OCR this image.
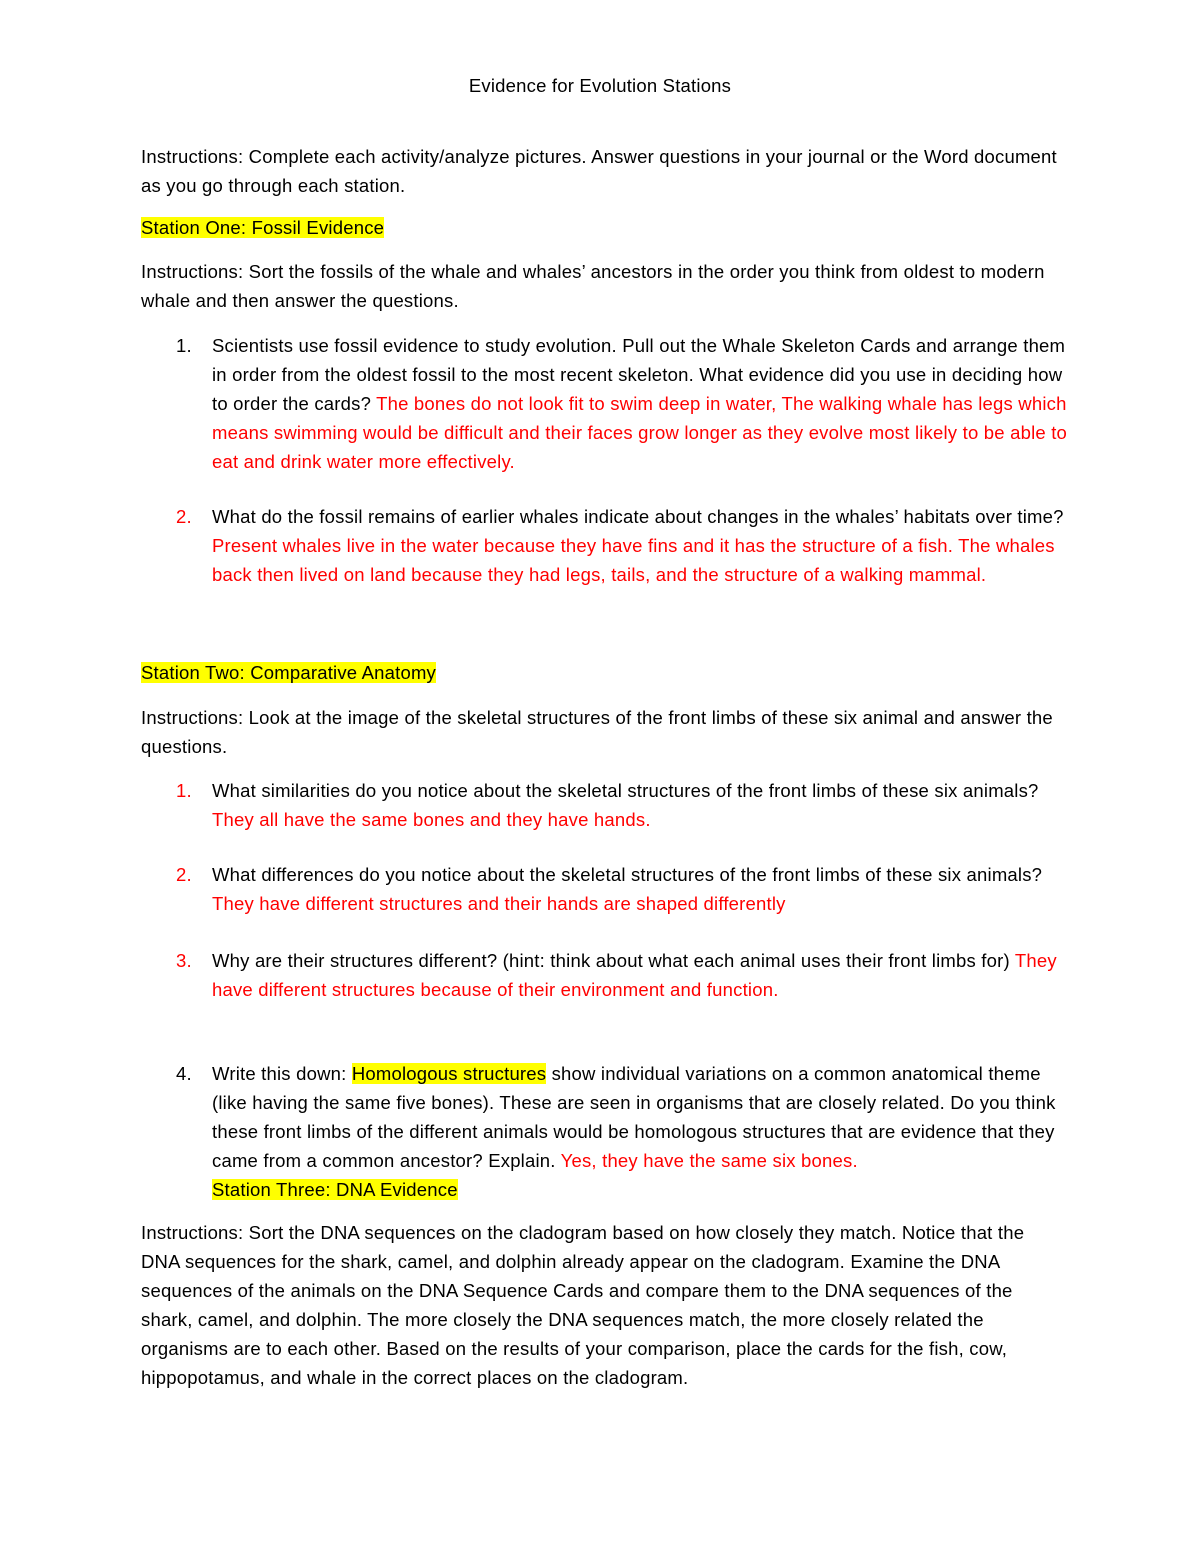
Evidence for Evolution Stations
Instructions: Complete each activity/analyze pictures. Answer questions in your journal or the Word document as you go through each station.
Station One: Fossil Evidence
Instructions: Sort the fossils of the whale and whales’ ancestors in the order you think from oldest to modern whale and then answer the questions.
1.	Scientists use fossil evidence to study evolution. Pull out the Whale Skeleton Cards and arrange them in order from the oldest fossil to the most recent skeleton. What evidence did you use in deciding how to order the cards? The bones do not look fit to swim deep in water, The walking whale has legs which means swimming would be difficult and their faces grow longer as they evolve most likely to be able to eat and drink water more effectively.
2.	What do the fossil remains of earlier whales indicate about changes in the whales’ habitats over time? Present whales live in the water because they have fins and it has the structure of a fish. The whales back then lived on land because they had legs, tails, and the structure of a walking mammal.
Station Two: Comparative Anatomy
Instructions: Look at the image of the skeletal structures of the front limbs of these six animal and answer the questions.
1.	What similarities do you notice about the skeletal structures of the front limbs of these six animals? They all have the same bones and they have hands.
2.	What differences do you notice about the skeletal structures of the front limbs of these six animals? They have different structures and their hands are shaped differently
3.	Why are their structures different? (hint: think about what each animal uses their front limbs for) They have different structures because of their environment and function.
4.	Write this down: Homologous structures show individual variations on a common anatomical theme (like having the same five bones). These are seen in organisms that are closely related. Do you think these front limbs of the different animals would be homologous structures that are evidence that they came from a common ancestor? Explain. Yes, they have the same six bones.
Station Three: DNA Evidence
Instructions: Sort the DNA sequences on the cladogram based on how closely they match. Notice that the DNA sequences for the shark, camel, and dolphin already appear on the cladogram. Examine the DNA sequences of the animals on the DNA Sequence Cards and compare them to the DNA sequences of the shark, camel, and dolphin. The more closely the DNA sequences match, the more closely related the organisms are to each other. Based on the results of your comparison, place the cards for the fish, cow, hippopotamus, and whale in the correct places on the cladogram.
